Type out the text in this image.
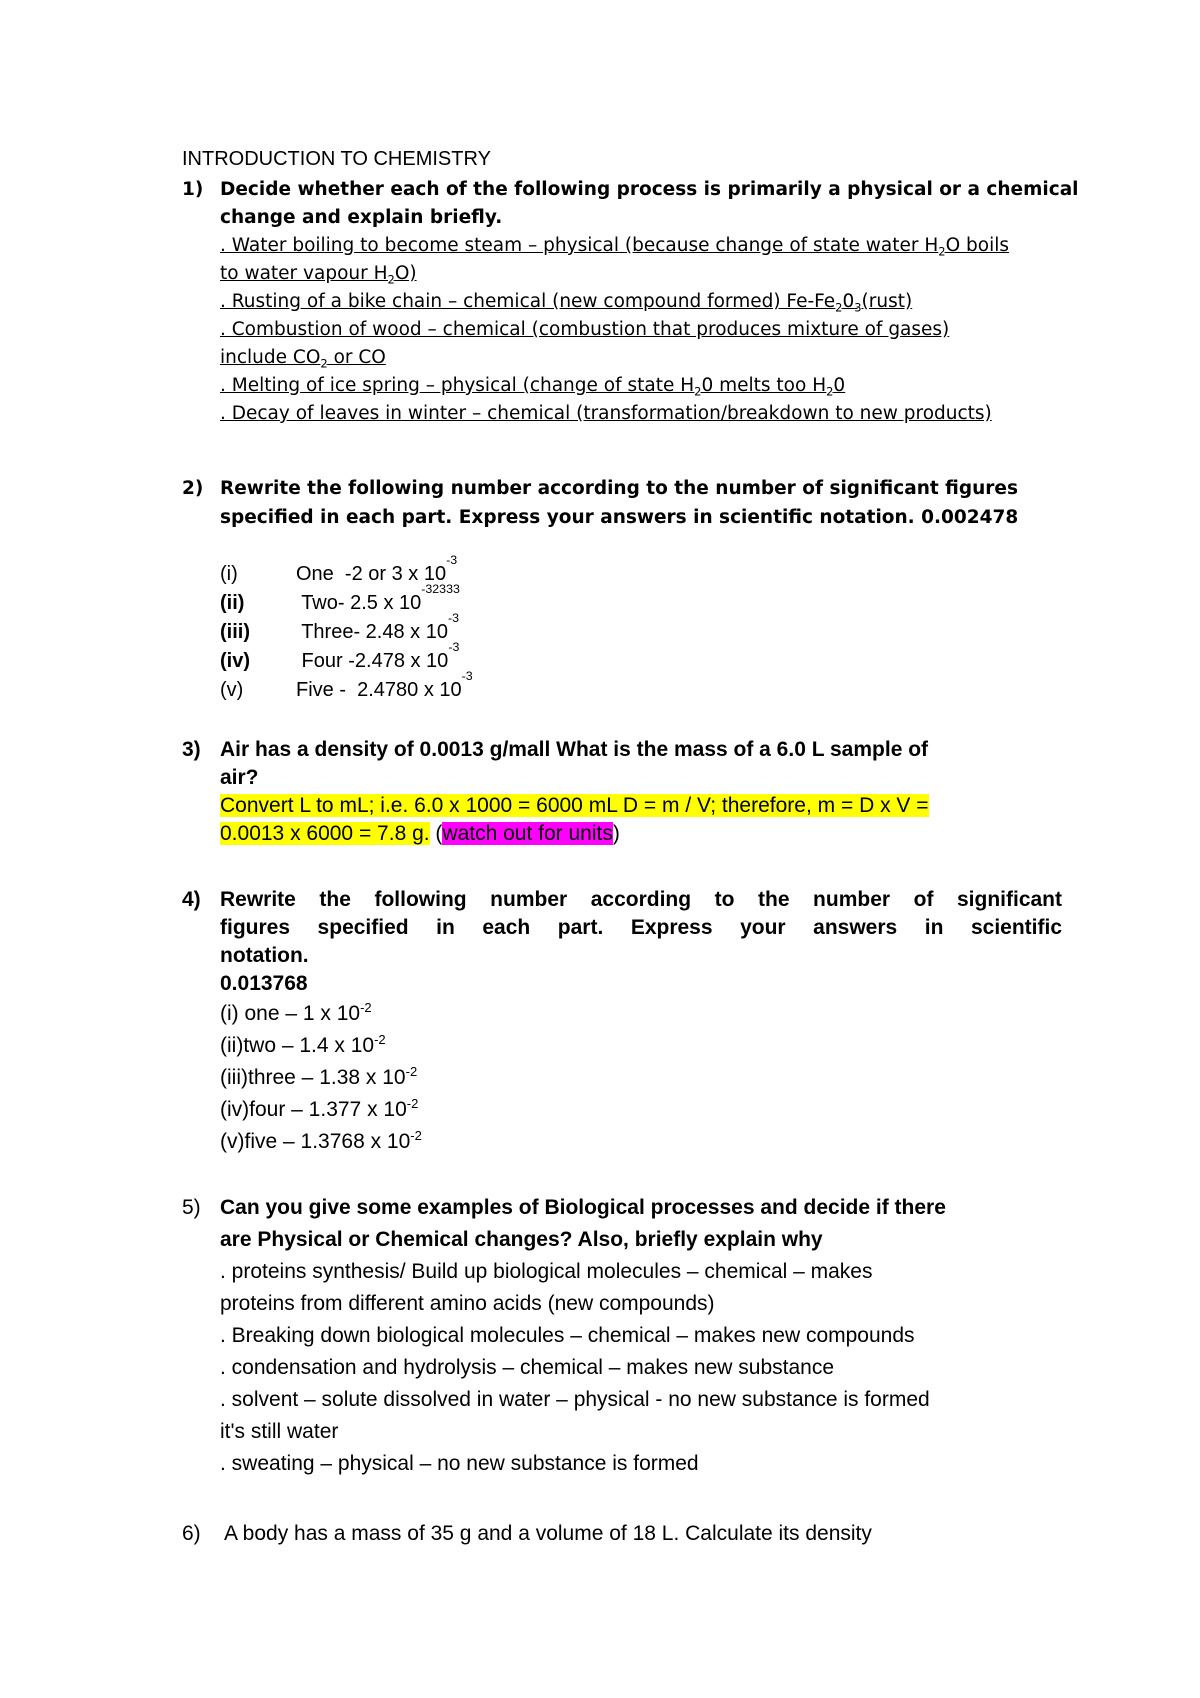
INTRODUCTION TO CHEMISTRY
1) Decide whether each of the following process is primarily a physical or a chemical
change and explain briefly.
. Water boiling to become steam – physical (because change of state water $H_2O$ boils
to water vapour $H_2O$)
. Rusting of a bike chain – chemical (new compound formed) $Fe-Fe_20_3(rust)$
. Combustion of wood – chemical (combustion that produces mixture of gases)
include $CO_2$ or CO
. Melting of ice spring – physical (change of state $H_20$ melts too $H_20$
. Decay of leaves in winter – chemical (transformation/breakdown to new products)
2) Rewrite the following number according to the number of significant figures
specified in each part. Express your answers in scientific notation. 0.002478
(i)	One  -2 or 3 x 10
-3
(ii)	Two- 2.5 x 10
-32333
(iii)	Three- 2.48 x 10
-3
(iv)	Four -2.478 x 10
-3
(v)	Five -  2.4780 x 10
-3
3) Air has a density of 0.0013 g/mall What is the mass of a 6.0 L sample of
air?
Convert L to mL; i.e. 6.0 x 1000 = 6000 mL D = m / V; therefore, m = D x V =
0.0013 x 6000 = 7.8 g. (watch out for units)
4) Rewrite the following number according to the number of significant
figures specified in each part. Express your answers in scientific
notation.
0.013768
(i) one – 1 x $10^{-2}$
(ii)two – 1.4 x $10^{-2}$
(iii)three – 1.38 x $10^{-2}$
(iv)four – 1.377 x $10^{-2}$
(v)five – 1.3768 x $10^{-2}$
5) Can you give some examples of Biological processes and decide if there
are Physical or Chemical changes? Also, briefly explain why
. proteins synthesis/ Build up biological molecules – chemical – makes
proteins from different amino acids (new compounds)
. Breaking down biological molecules – chemical – makes new compounds
. condensation and hydrolysis – chemical – makes new substance
. solvent – solute dissolved in water – physical - no new substance is formed
it's still water
. sweating – physical – no new substance is formed
6) A body has a mass of 35 g and a volume of 18 L. Calculate its density
